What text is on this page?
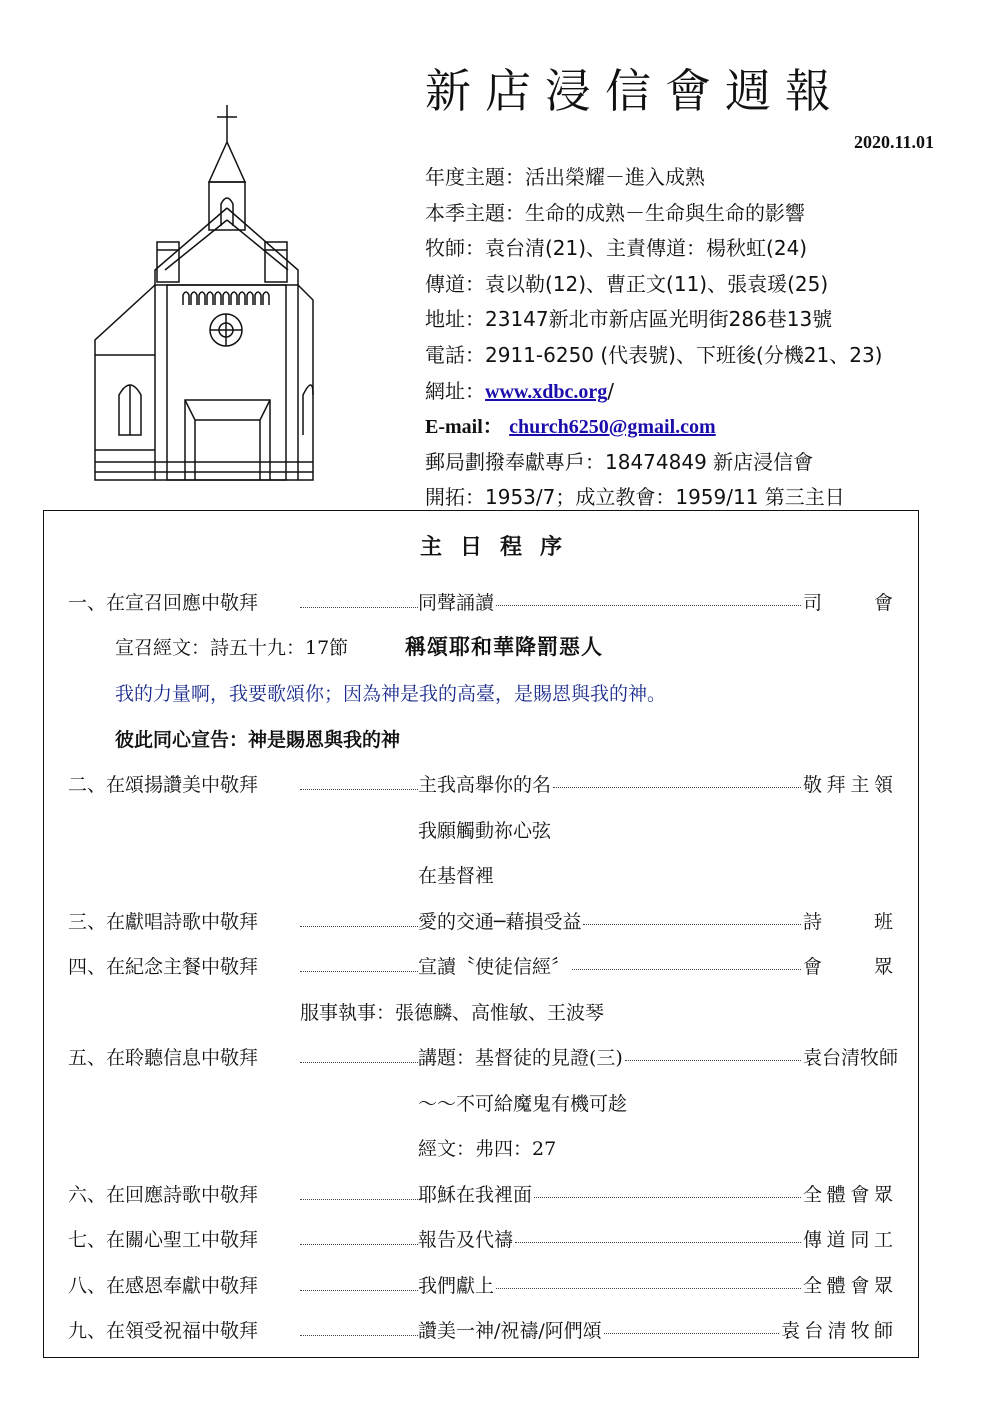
新店浸信會週報
2020.11.01
年度主題：活出榮耀－進入成熟
本季主題：生命的成熟－生命與生命的影響
牧師：袁台清(21)、主責傳道：楊秋虹(24)
傳道：袁以勒(12)、曹正文(11)、張袁瑗(25)
地址：23147新北市新店區光明街286巷13號
電話：2911-6250 (代表號)、下班後(分機21、23)
網址：www.xdbc.org/
E-mail： church6250@gmail.com
郵局劃撥奉獻專戶：18474849 新店浸信會
開拓：1953/7；成立教會：1959/11 第三主日
主日程序
一、在宣召回應中敬拜	同聲誦讀	司會
宣召經文：詩五十九：17節	稱頌耶和華降罰惡人
我的力量啊，我要歌頌你；因為神是我的高臺，是賜恩與我的神。
彼此同心宣告：神是賜恩與我的神
二、在頌揚讚美中敬拜	主我高舉你的名	敬拜主領
我願觸動祢心弦
在基督裡
三、在獻唱詩歌中敬拜	愛的交通─藉損受益	詩班
四、在紀念主餐中敬拜	宣讀〝使徒信經〞	會眾
服事執事：張德麟、高惟敏、王波琴
五、在聆聽信息中敬拜	講題：基督徒的見證(三)	袁台清牧師
～～不可給魔鬼有機可趁
經文：弗四：27
六、在回應詩歌中敬拜	耶穌在我裡面	全體會眾
七、在關心聖工中敬拜	報告及代禱	傳道同工
八、在感恩奉獻中敬拜	我們獻上	全體會眾
九、在領受祝福中敬拜	讚美一神/祝禱/阿們頌	袁台清牧師
